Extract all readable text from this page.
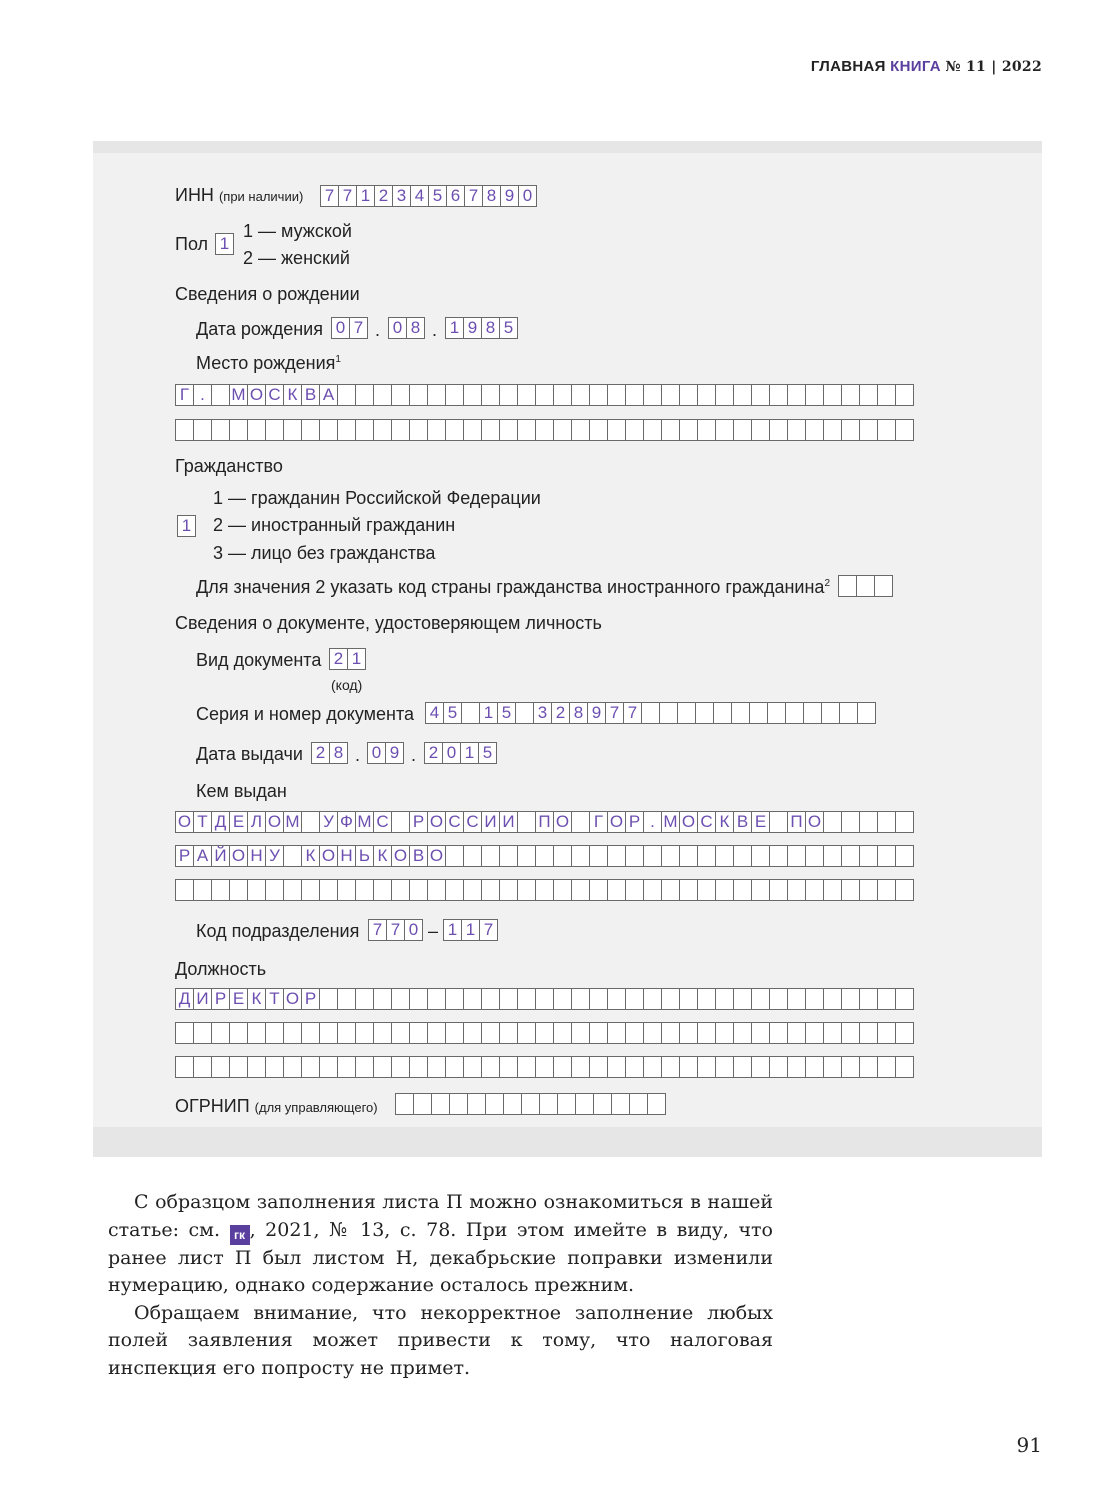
ГЛАВНАЯ КНИГА № 11 | 2022
ИНН (при наличии) 7 7 1 2 3 4 5 6 7 8 9 0
Пол 1
1 — мужской
2 — женский
Сведения о рождении
Дата рождения 0 7 . 0 8 . 1 9 8 5
Место рождения$^1$
Г .	М О С К В А
Гражданство
1 — гражданин Российской Федерации
1 2 — иностранный гражданин
3 — лицо без гражданства
Для значения 2 указать код страны гражданства иностранного гражданина$^2$
Сведения о документе, удостоверяющем личность
Вид документа 2 1
(код)
Серия и номер документа 4 5 1 5 3 2 8 9 7 7
Дата выдачи 2 8 . 0 9 . 2 0 1 5
Кем выдан
О Т Д Е Л О М У Ф М С Р О С С И И П О Г О Р . М О С К В Е П О
Р А Й О Н У К О Н Ь К О В О
Код подразделения 7 7 0 – 1 1 7
Должность
Д И Р Е К Т О Р
ОГРНИП (для управляющего)

С образцом заполнения листа П можно ознакомиться в нашей статье: см. гк , 2021, № 13, с. 78. При этом имейте в виду, что ранее лист П был листом Н, декабрьские поправки изменили нумерацию, однако содержание осталось прежним.

Обращаем внимание, что некорректное заполнение любых полей заявления может привести к тому, что налоговая инспекция его попросту не примет.

91
